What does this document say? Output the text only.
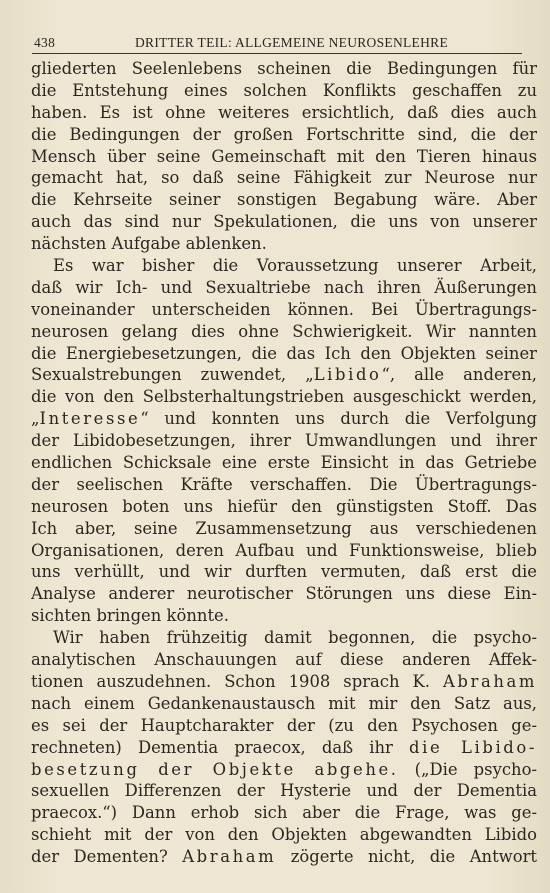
438	DRITTER TEIL: ALLGEMEINE NEUROSENLEHRE
gliederten Seelenlebens scheinen die Bedingungen für
die Entstehung eines solchen Konflikts geschaffen zu
haben. Es ist ohne weiteres ersichtlich, daß dies auch
die Bedingungen der großen Fortschritte sind, die der
Mensch über seine Gemeinschaft mit den Tieren hinaus
gemacht hat, so daß seine Fähigkeit zur Neurose nur
die Kehrseite seiner sonstigen Begabung wäre. Aber
auch das sind nur Spekulationen, die uns von unserer
nächsten Aufgabe ablenken.
Es war bisher die Voraussetzung unserer Arbeit,
daß wir Ich- und Sexualtriebe nach ihren Äußerungen
voneinander unterscheiden können. Bei Übertragungs-
neurosen gelang dies ohne Schwierigkeit. Wir nannten
die Energiebesetzungen, die das Ich den Objekten seiner
Sexualstrebungen zuwendet, „Libido“, alle anderen,
die von den Selbsterhaltungstrieben ausgeschickt werden,
„Interesse“ und konnten uns durch die Verfolgung
der Libidobesetzungen, ihrer Umwandlungen und ihrer
endlichen Schicksale eine erste Einsicht in das Getriebe
der seelischen Kräfte verschaffen. Die Übertragungs-
neurosen boten uns hiefür den günstigsten Stoff. Das
Ich aber, seine Zusammensetzung aus verschiedenen
Organisationen, deren Aufbau und Funktionsweise, blieb
uns verhüllt, und wir durften vermuten, daß erst die
Analyse anderer neurotischer Störungen uns diese Ein-
sichten bringen könnte.
Wir haben frühzeitig damit begonnen, die psycho-
analytischen Anschauungen auf diese anderen Affek-
tionen auszudehnen. Schon 1908 sprach K. Abraham
nach einem Gedankenaustausch mit mir den Satz aus,
es sei der Hauptcharakter der (zu den Psychosen ge-
rechneten) Dementia praecox, daß ihr die Libido-
besetzung der Objekte abgehe. („Die psycho-
sexuellen Differenzen der Hysterie und der Dementia
praecox.“) Dann erhob sich aber die Frage, was ge-
schieht mit der von den Objekten abgewandten Libido
der Dementen? Abraham zögerte nicht, die Antwort
